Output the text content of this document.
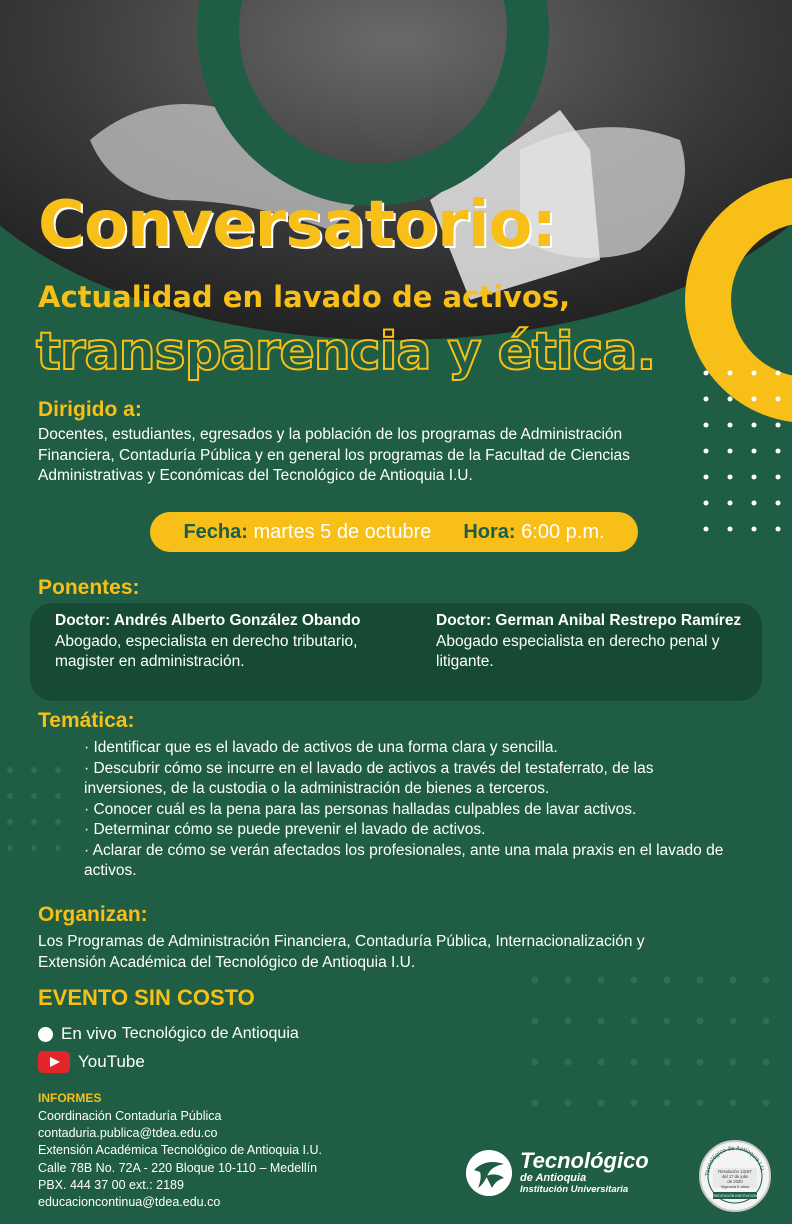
Conversatorio:
Actualidad en lavado de activos,
transparencia y ética.
Dirigido a:
Docentes, estudiantes, egresados y la población de los programas de Administración Financiera, Contaduría Pública y en general los programas de la Facultad de Ciencias Administrativas y Económicas del Tecnológico de Antioquia I.U.
Fecha: martes 5 de octubre Hora: 6:00 p.m.
Ponentes:
Doctor: Andrés Alberto González Obando
Abogado, especialista en derecho tributario, magister en administración.
Doctor: German Anibal Restrepo Ramírez
Abogado especialista en derecho penal y litigante.
Temática:
· Identificar que es el lavado de activos de una forma clara y sencilla.
· Descubrir cómo se incurre en el lavado de activos a través del testaferrato, de las inversiones, de la custodia o la administración de bienes a terceros.
· Conocer cuál es la pena para las personas halladas culpables de lavar activos.
· Determinar cómo se puede prevenir el lavado de activos.
· Aclarar de cómo se verán afectados los profesionales, ante una mala praxis en el lavado de activos.
Organizan:
Los Programas de Administración Financiera, Contaduría Pública, Internacionalización y Extensión Académica del Tecnológico de Antioquia I.U.
EVENTO SIN COSTO
En vivo Tecnológico de Antioquia
YouTube
INFORMES
Coordinación Contaduría Pública
contaduria.publica@tdea.edu.co
Extensión Académica Tecnológico de Antioquia I.U.
Calle 78B No. 72A - 220 Bloque 10-110 – Medellín
PBX. 444 37 00 ext.: 2189
educacioncontinua@tdea.edu.co
Tecnológico
de Antioquia
Institución Universitaria
Tecnológico de Antioquia I.U.
Resolución 13187
del 17 de julio
de 2020
Vigencia 6 años
ACREDITACIÓN INSTITUCIONAL
